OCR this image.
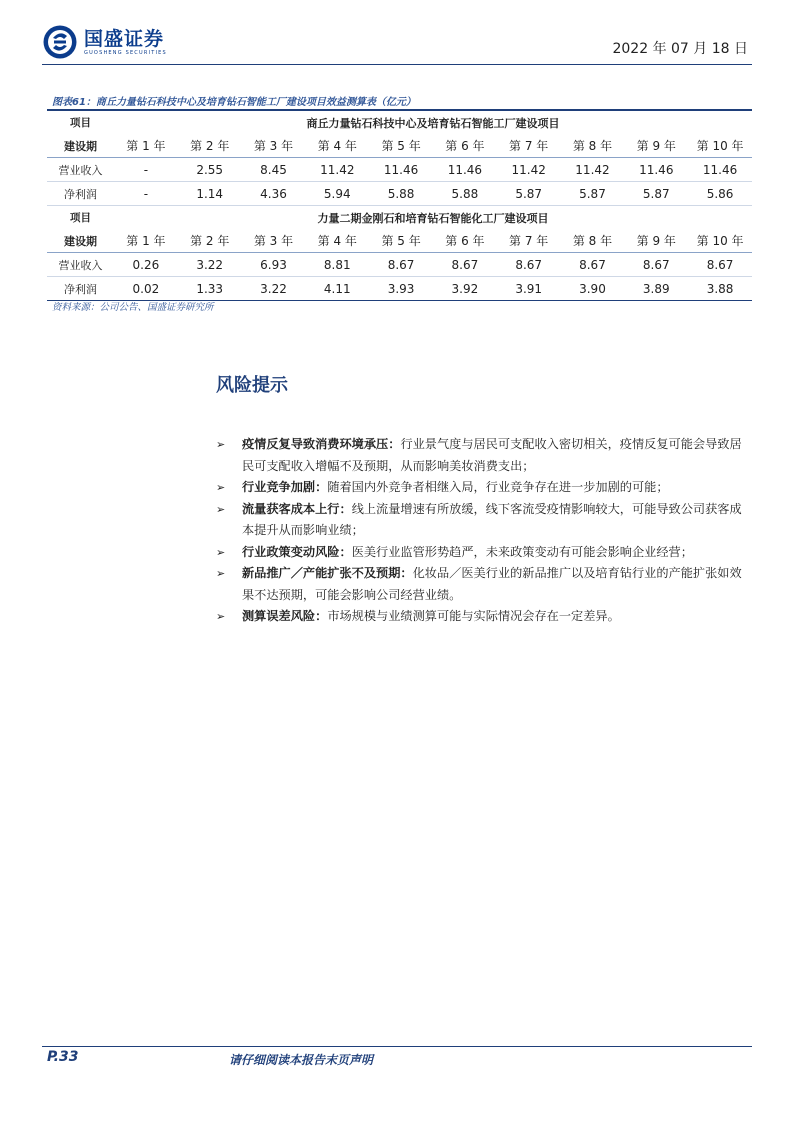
国盛证券
GUOSHENG SECURITIES	2022 年 07 月 18 日
图表61：商丘力量钻石科技中心及培育钻石智能工厂建设项目效益测算表（亿元）
项目	商丘力量钻石科技中心及培育钻石智能工厂建设项目									
建设期	第 1 年	第 2 年	第 3 年	第 4 年	第 5 年	第 6 年	第 7 年	第 8 年	第 9 年	第 10 年
营业收入	-	2.55	8.45	11.42	11.46	11.46	11.42	11.42	11.46	11.46
净利润	-	1.14	4.36	5.94	5.88	5.88	5.87	5.87	5.87	5.86
项目	力量二期金刚石和培育钻石智能化工厂建设项目									
建设期	第 1 年	第 2 年	第 3 年	第 4 年	第 5 年	第 6 年	第 7 年	第 8 年	第 9 年	第 10 年
营业收入	0.26	3.22	6.93	8.81	8.67	8.67	8.67	8.67	8.67	8.67
净利润	0.02	1.33	3.22	4.11	3.93	3.92	3.91	3.90	3.89	3.88
资料来源：公司公告、国盛证券研究所
风险提示
➢ 疫情反复导致消费环境承压：行业景气度与居民可支配收入密切相关，疫情反复可能会导致居民可支配收入增幅不及预期，从而影响美妆消费支出；
➢ 行业竞争加剧：随着国内外竞争者相继入局，行业竞争存在进一步加剧的可能；
➢ 流量获客成本上行：线上流量增速有所放缓，线下客流受疫情影响较大，可能导致公司获客成本提升从而影响业绩；
➢ 行业政策变动风险：医美行业监管形势趋严，未来政策变动有可能会影响企业经营；
➢ 新品推广／产能扩张不及预期：化妆品／医美行业的新品推广以及培育钻行业的产能扩张如效果不达预期，可能会影响公司经营业绩。
➢ 测算误差风险：市场规模与业绩测算可能与实际情况会存在一定差异。
P.33	请仔细阅读本报告末页声明
